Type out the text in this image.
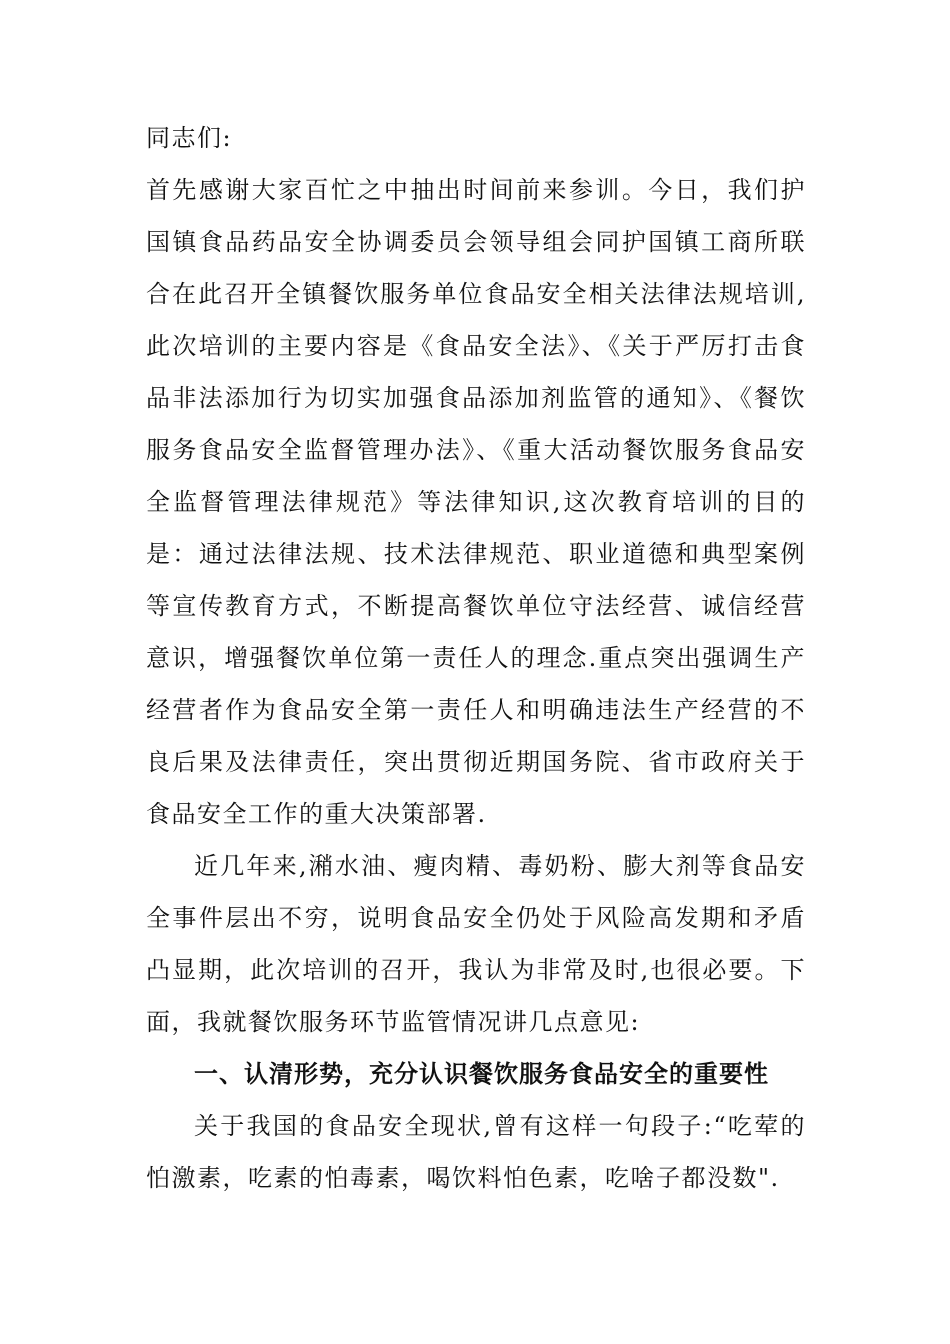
同志们:

首先感谢大家百忙之中抽出时间前来参训。今日，我们护国镇食品药品安全协调委员会领导组会同护国镇工商所联合在此召开全镇餐饮服务单位食品安全相关法律法规培训,此次培训的主要内容是《食品安全法》、《关于严厉打击食品非法添加行为切实加强食品添加剂监管的通知》、《餐饮服务食品安全监督管理办法》、《重大活动餐饮服务食品安全监督管理法律规范》等法律知识,这次教育培训的目的是：通过法律法规、技术法律规范、职业道德和典型案例等宣传教育方式，不断提高餐饮单位守法经营、诚信经营意识，增强餐饮单位第一责任人的理念.重点突出强调生产经营者作为食品安全第一责任人和明确违法生产经营的不良后果及法律责任，突出贯彻近期国务院、省市政府关于食品安全工作的重大决策部署.

近几年来,潲水油、瘦肉精、毒奶粉、膨大剂等食品安全事件层出不穷，说明食品安全仍处于风险高发期和矛盾凸显期，此次培训的召开，我认为非常及时,也很必要。下面，我就餐饮服务环节监管情况讲几点意见:

一、认清形势，充分认识餐饮服务食品安全的重要性

关于我国的食品安全现状,曾有这样一句段子:“吃荤的怕激素，吃素的怕毒素，喝饮料怕色素，吃啥子都没数".
